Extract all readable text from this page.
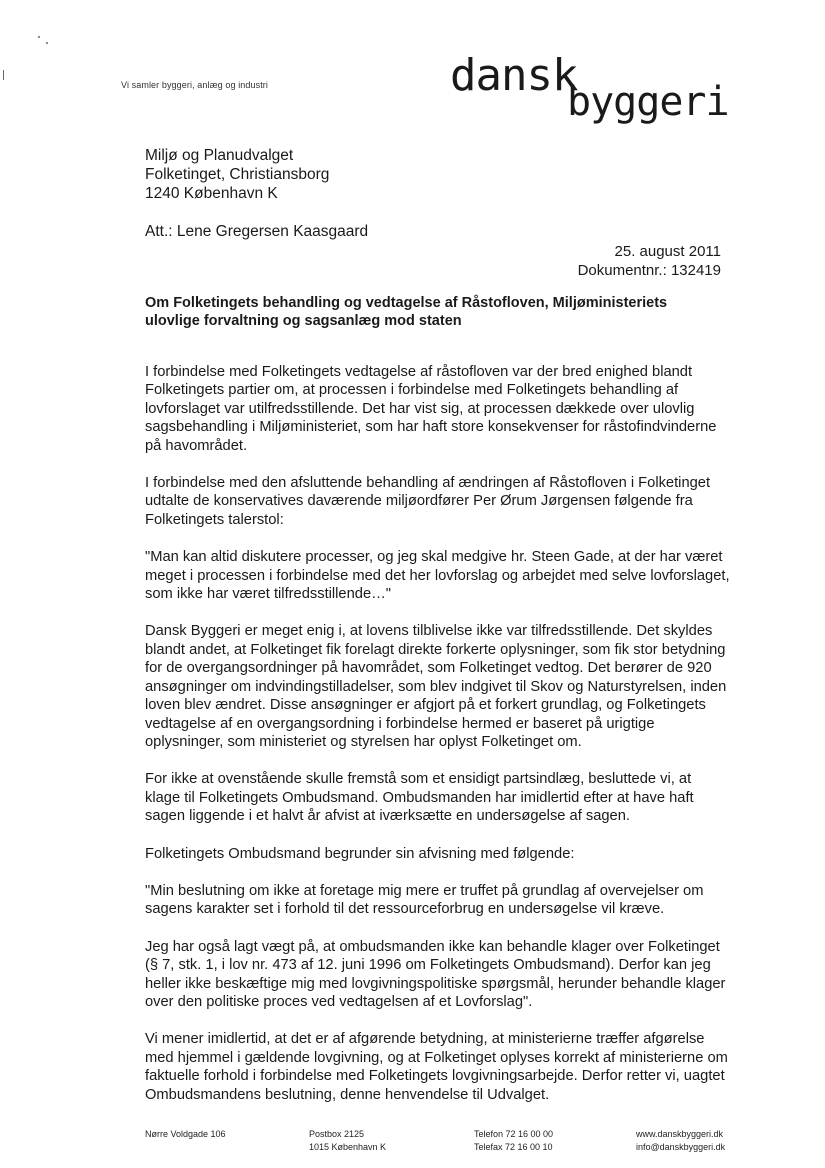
Vi samler byggeri, anlæg og industri	dansk
byggeri
Miljø og Planudvalget
Folketinget, Christiansborg
1240 København K
Att.: Lene Gregersen Kaasgaard
25. august 2011
Dokumentnr.: 132419
Om Folketingets behandling og vedtagelse af Råstofloven, Miljøministeriets ulovlige forvaltning og sagsanlæg mod staten

I forbindelse med Folketingets vedtagelse af råstofloven var der bred enighed blandt Folketingets partier om, at processen i forbindelse med Folketingets behandling af lovforslaget var utilfredsstillende. Det har vist sig, at processen dækkede over ulovlig sagsbehandling i Miljøministeriet, som har haft store konsekvenser for råstofindvinderne på havområdet.

I forbindelse med den afsluttende behandling af ændringen af Råstofloven i Folketinget udtalte de konservatives daværende miljøordfører Per Ørum Jørgensen følgende fra Folketingets talerstol:

"Man kan altid diskutere processer, og jeg skal medgive hr. Steen Gade, at der har været meget i processen i forbindelse med det her lovforslag og arbejdet med selve lovforslaget, som ikke har været tilfredsstillende…"

Dansk Byggeri er meget enig i, at lovens tilblivelse ikke var tilfredsstillende. Det skyldes blandt andet, at Folketinget fik forelagt direkte forkerte oplysninger, som fik stor betydning for de overgangsordninger på havområdet, som Folketinget vedtog. Det berører de 920 ansøgninger om indvindingstilladelser, som blev indgivet til Skov og Naturstyrelsen, inden loven blev ændret. Disse ansøgninger er afgjort på et forkert grundlag, og Folketingets vedtagelse af en overgangsordning i forbindelse hermed er baseret på urigtige oplysninger, som ministeriet og styrelsen har oplyst Folketinget om.

For ikke at ovenstående skulle fremstå som et ensidigt partsindlæg, besluttede vi, at klage til Folketingets Ombudsmand. Ombudsmanden har imidlertid efter at have haft sagen liggende i et halvt år afvist at iværksætte en undersøgelse af sagen.

Folketingets Ombudsmand begrunder sin afvisning med følgende:

"Min beslutning om ikke at foretage mig mere er truffet på grundlag af overvejelser om sagens karakter set i forhold til det ressourceforbrug en undersøgelse vil kræve.

Jeg har også lagt vægt på, at ombudsmanden ikke kan behandle klager over Folketinget (§ 7, stk. 1, i lov nr. 473 af 12. juni 1996 om Folketingets Ombudsmand). Derfor kan jeg heller ikke beskæftige mig med lovgivningspolitiske spørgsmål, herunder behandle klager over den politiske proces ved vedtagelsen af et Lovforslag".

Vi mener imidlertid, at det er af afgørende betydning, at ministerierne træffer afgørelse med hjemmel i gældende lovgivning, og at Folketinget oplyses korrekt af ministerierne om faktuelle forhold i forbindelse med Folketingets lovgivningsarbejde. Derfor retter vi, uagtet Ombudsmandens beslutning, denne henvendelse til Udvalget.

Nørre Voldgade 106	Postbox 2125
1015 København K
Telefon 72 16 00 00
Telefax 72 16 00 10
www.danskbyggeri.dk
info@danskbyggeri.dk
